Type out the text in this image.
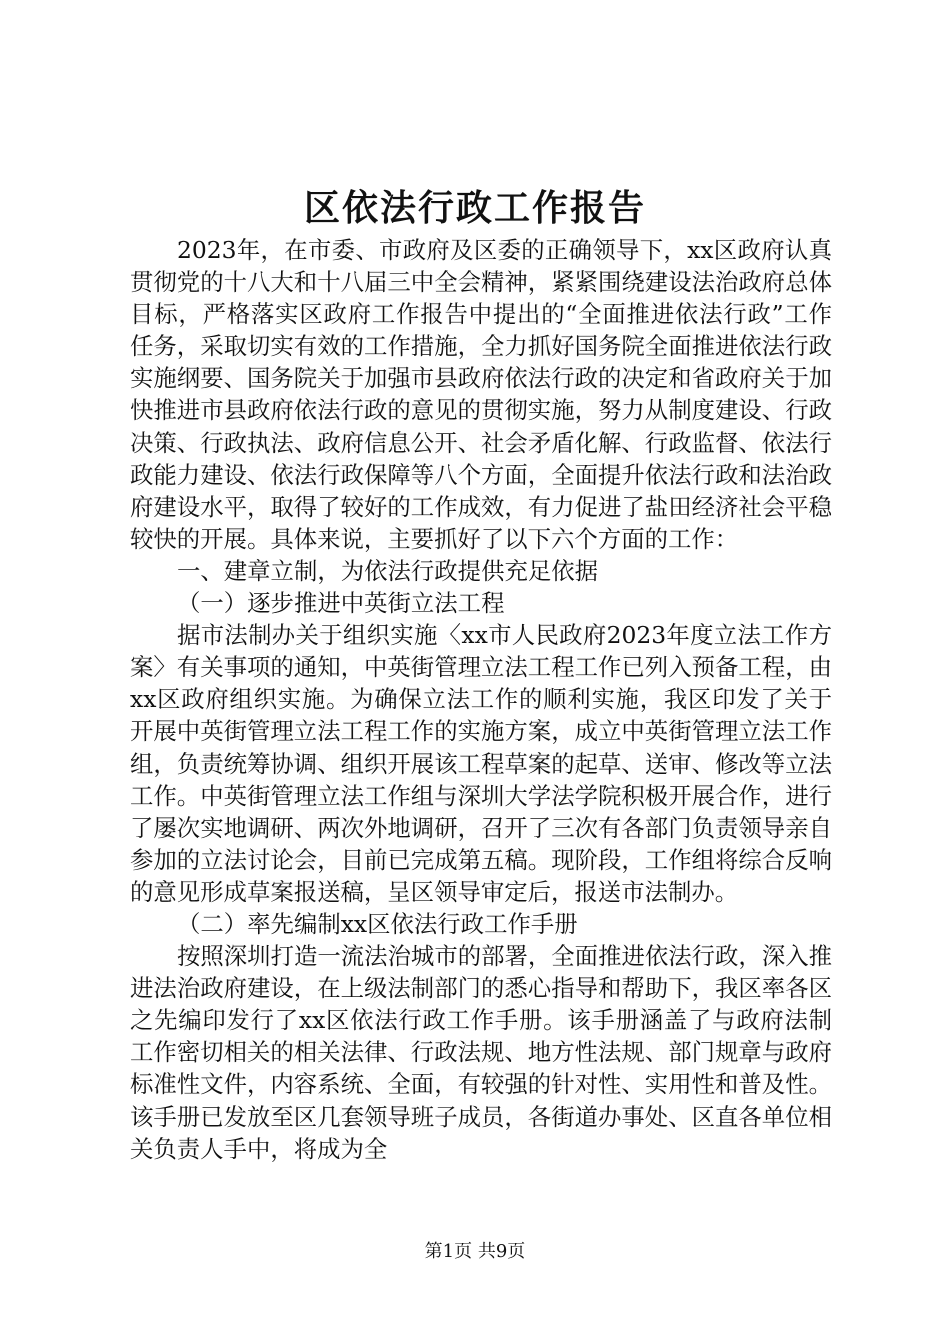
区依法行政工作报告

2023年，在市委、市政府及区委的正确领导下，xx区政府认真贯彻党的十八大和十八届三中全会精神，紧紧围绕建设法治政府总体目标，严格落实区政府工作报告中提出的“全面推进依法行政”工作任务，采取切实有效的工作措施，全力抓好国务院全面推进依法行政实施纲要、国务院关于加强市县政府依法行政的决定和省政府关于加快推进市县政府依法行政的意见的贯彻实施，努力从制度建设、行政决策、行政执法、政府信息公开、社会矛盾化解、行政监督、依法行政能力建设、依法行政保障等八个方面，全面提升依法行政和法治政府建设水平，取得了较好的工作成效，有力促进了盐田经济社会平稳较快的开展。具体来说，主要抓好了以下六个方面的工作：

一、建章立制，为依法行政提供充足依据

（一）逐步推进中英街立法工程

据市法制办关于组织实施〈xx市人民政府2023年度立法工作方案〉有关事项的通知，中英街管理立法工程工作已列入预备工程，由xx区政府组织实施。为确保立法工作的顺利实施，我区印发了关于开展中英街管理立法工程工作的实施方案，成立中英街管理立法工作组，负责统筹协调、组织开展该工程草案的起草、送审、修改等立法工作。中英街管理立法工作组与深圳大学法学院积极开展合作，进行了屡次实地调研、两次外地调研，召开了三次有各部门负责领导亲自参加的立法讨论会，目前已完成第五稿。现阶段，工作组将综合反响的意见形成草案报送稿，呈区领导审定后，报送市法制办。

（二）率先编制xx区依法行政工作手册

按照深圳打造一流法治城市的部署，全面推进依法行政，深入推进法治政府建设，在上级法制部门的悉心指导和帮助下，我区率各区之先编印发行了xx区依法行政工作手册。该手册涵盖了与政府法制工作密切相关的相关法律、行政法规、地方性法规、部门规章与政府标准性文件，内容系统、全面，有较强的针对性、实用性和普及性。该手册已发放至区几套领导班子成员，各街道办事处、区直各单位相关负责人手中，将成为全

第1页 共9页
